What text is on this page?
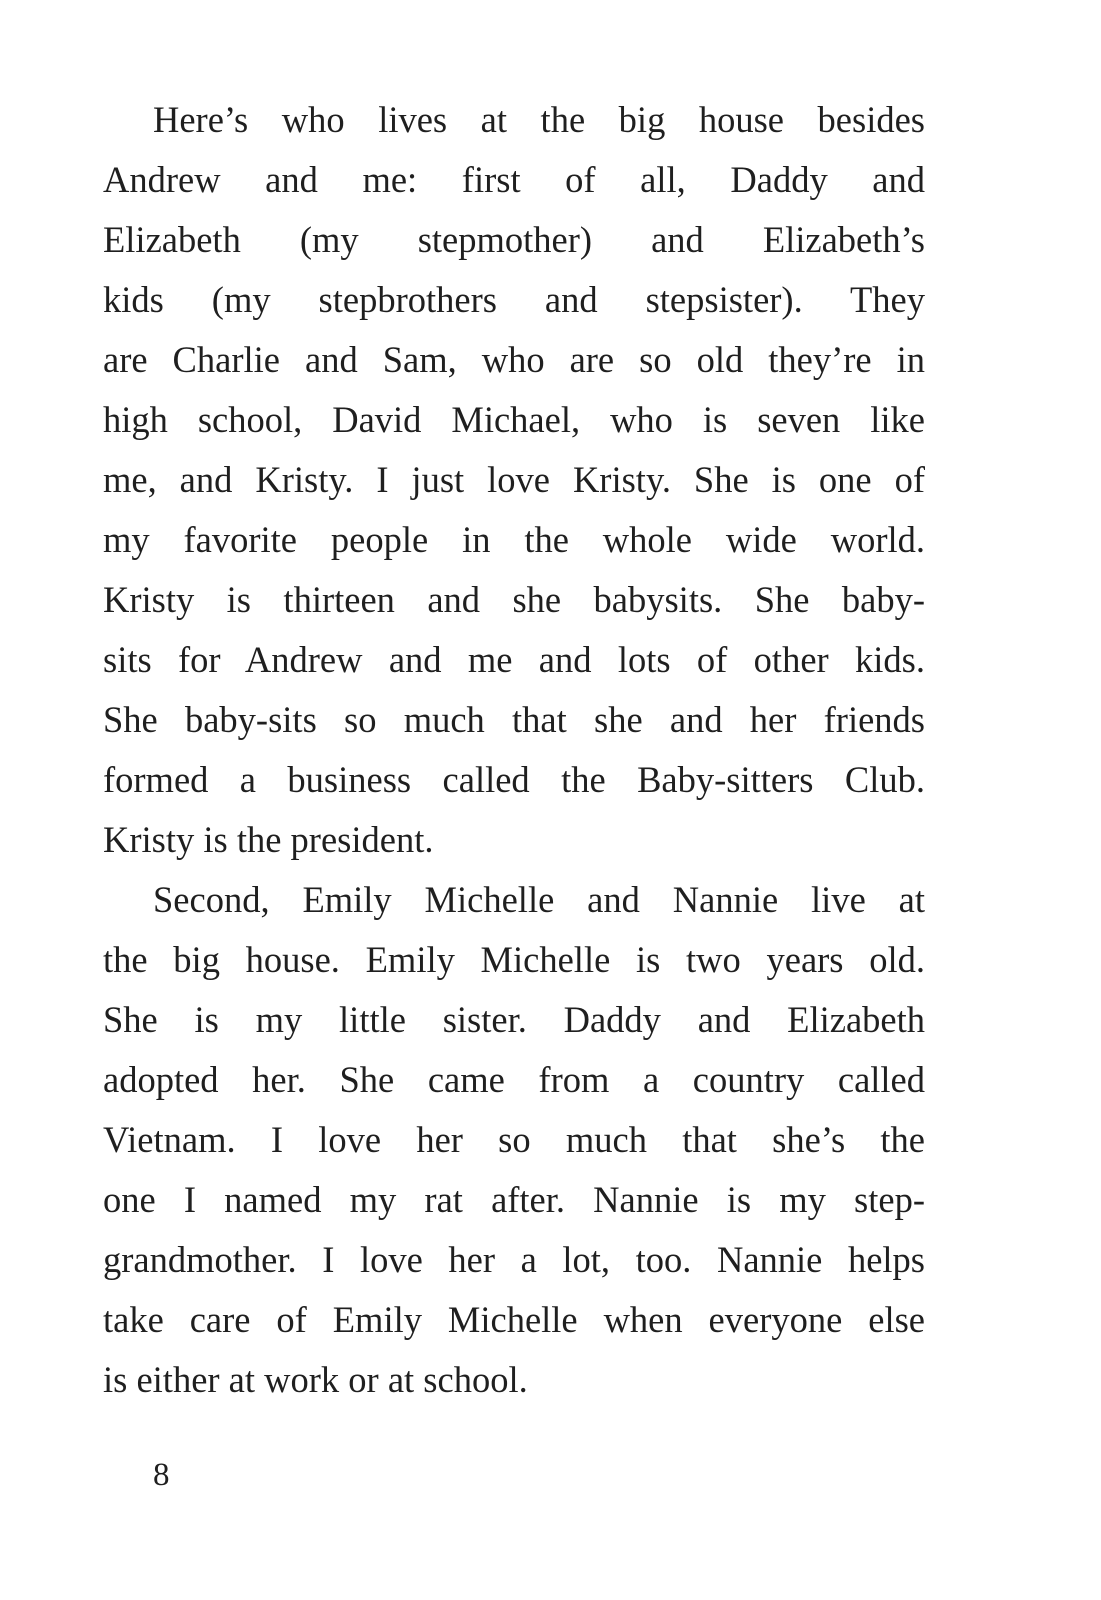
Here’s who lives at the big house besides
Andrew and me: first of all, Daddy and
Elizabeth (my stepmother) and Elizabeth’s
kids (my stepbrothers and stepsister). They
are Charlie and Sam, who are so old they’re in
high school, David Michael, who is seven like
me, and Kristy. I just love Kristy. She is one of
my favorite people in the whole wide world.
Kristy is thirteen and she babysits. She baby-
sits for Andrew and me and lots of other kids.
She baby-sits so much that she and her friends
formed a business called the Baby-sitters Club.
Kristy is the president.
Second, Emily Michelle and Nannie live at
the big house. Emily Michelle is two years old.
She is my little sister. Daddy and Elizabeth
adopted her. She came from a country called
Vietnam. I love her so much that she’s the
one I named my rat after. Nannie is my step-
grandmother. I love her a lot, too. Nannie helps
take care of Emily Michelle when everyone else
is either at work or at school.
8
